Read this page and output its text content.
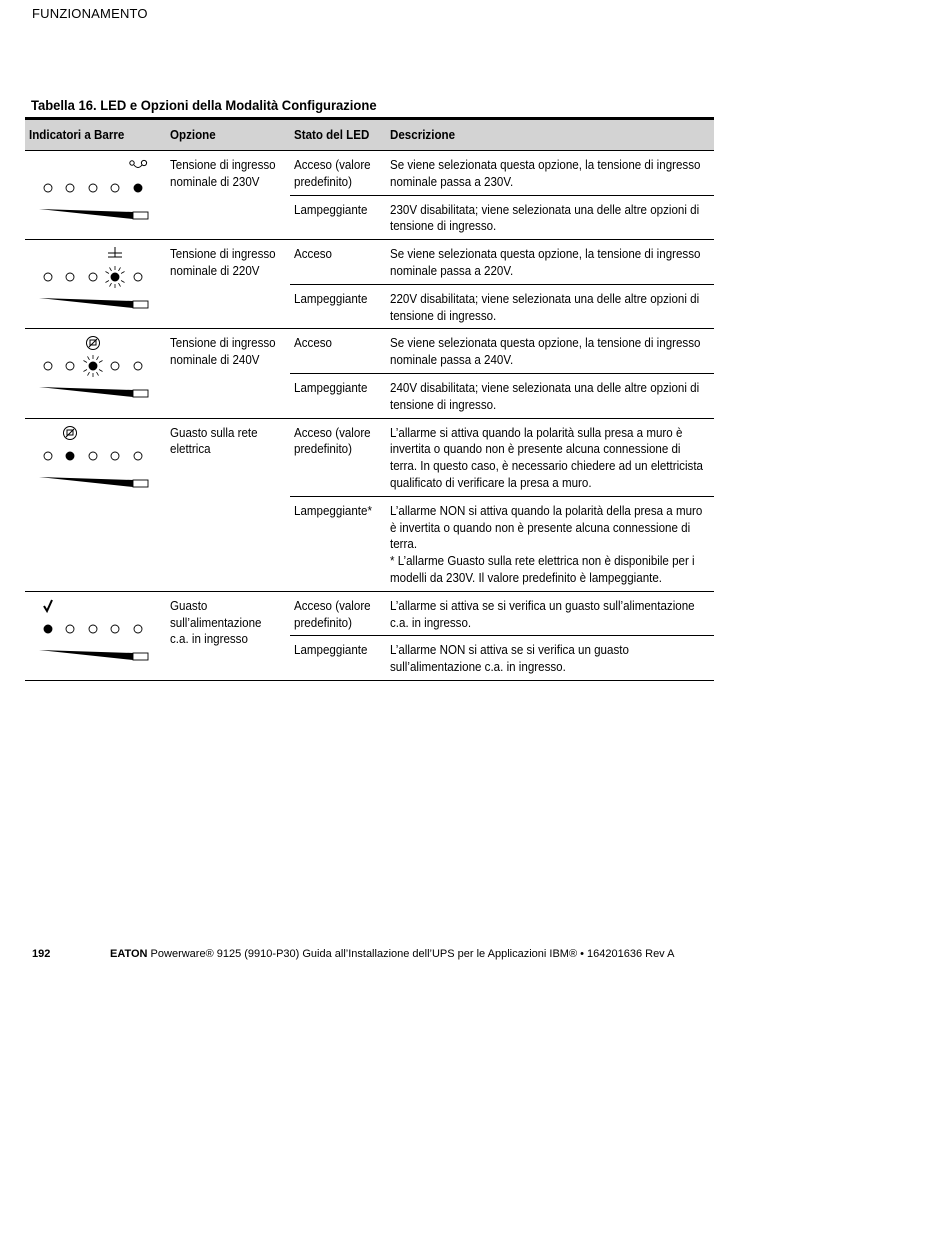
FUNZIONAMENTO
Tabella 16. LED e Opzioni della Modalità Configurazione
Indicatori a Barre	Opzione	Stato del LED	Descrizione

	Tensione di ingresso nominale di 230V	Acceso (valore predefinito)	Se viene selezionata questa opzione, la tensione di ingresso nominale passa a 230V.
		Lampeggiante	230V disabilitata; viene selezionata una delle altre opzioni di tensione di ingresso.

	Tensione di ingresso nominale di 220V	Acceso	Se viene selezionata questa opzione, la tensione di ingresso nominale passa a 220V.
		Lampeggiante	220V disabilitata; viene selezionata una delle altre opzioni di tensione di ingresso.

	Tensione di ingresso nominale di 240V	Acceso	Se viene selezionata questa opzione, la tensione di ingresso nominale passa a 240V.
		Lampeggiante	240V disabilitata; viene selezionata una delle altre opzioni di tensione di ingresso.

	Guasto sulla rete elettrica	Acceso (valore predefinito)	L’allarme si attiva quando la polarità sulla presa a muro è invertita o quando non è presente alcuna connessione di terra. In questo caso, è necessario chiedere ad un elettricista qualificato di verificare la presa a muro.
		Lampeggiante*	L’allarme NON si attiva quando la polarità della presa a muro è invertita o quando non è presente alcuna connessione di terra.* L’allarme Guasto sulla rete elettrica non è disponibile per i modelli da 230V. Il valore predefinito è lampeggiante.

	Guasto sull’alimentazione c.a. in ingresso	Acceso (valore predefinito)	L’allarme si attiva se si verifica un guasto sull’alimentazione c.a. in ingresso.
		Lampeggiante	L’allarme NON si attiva se si verifica un guasto sull’alimentazione c.a. in ingresso.
192	EATON Powerware® 9125 (9910-P30) Guida all’Installazione dell’UPS per le Applicazioni IBM® • 164201636 Rev A
